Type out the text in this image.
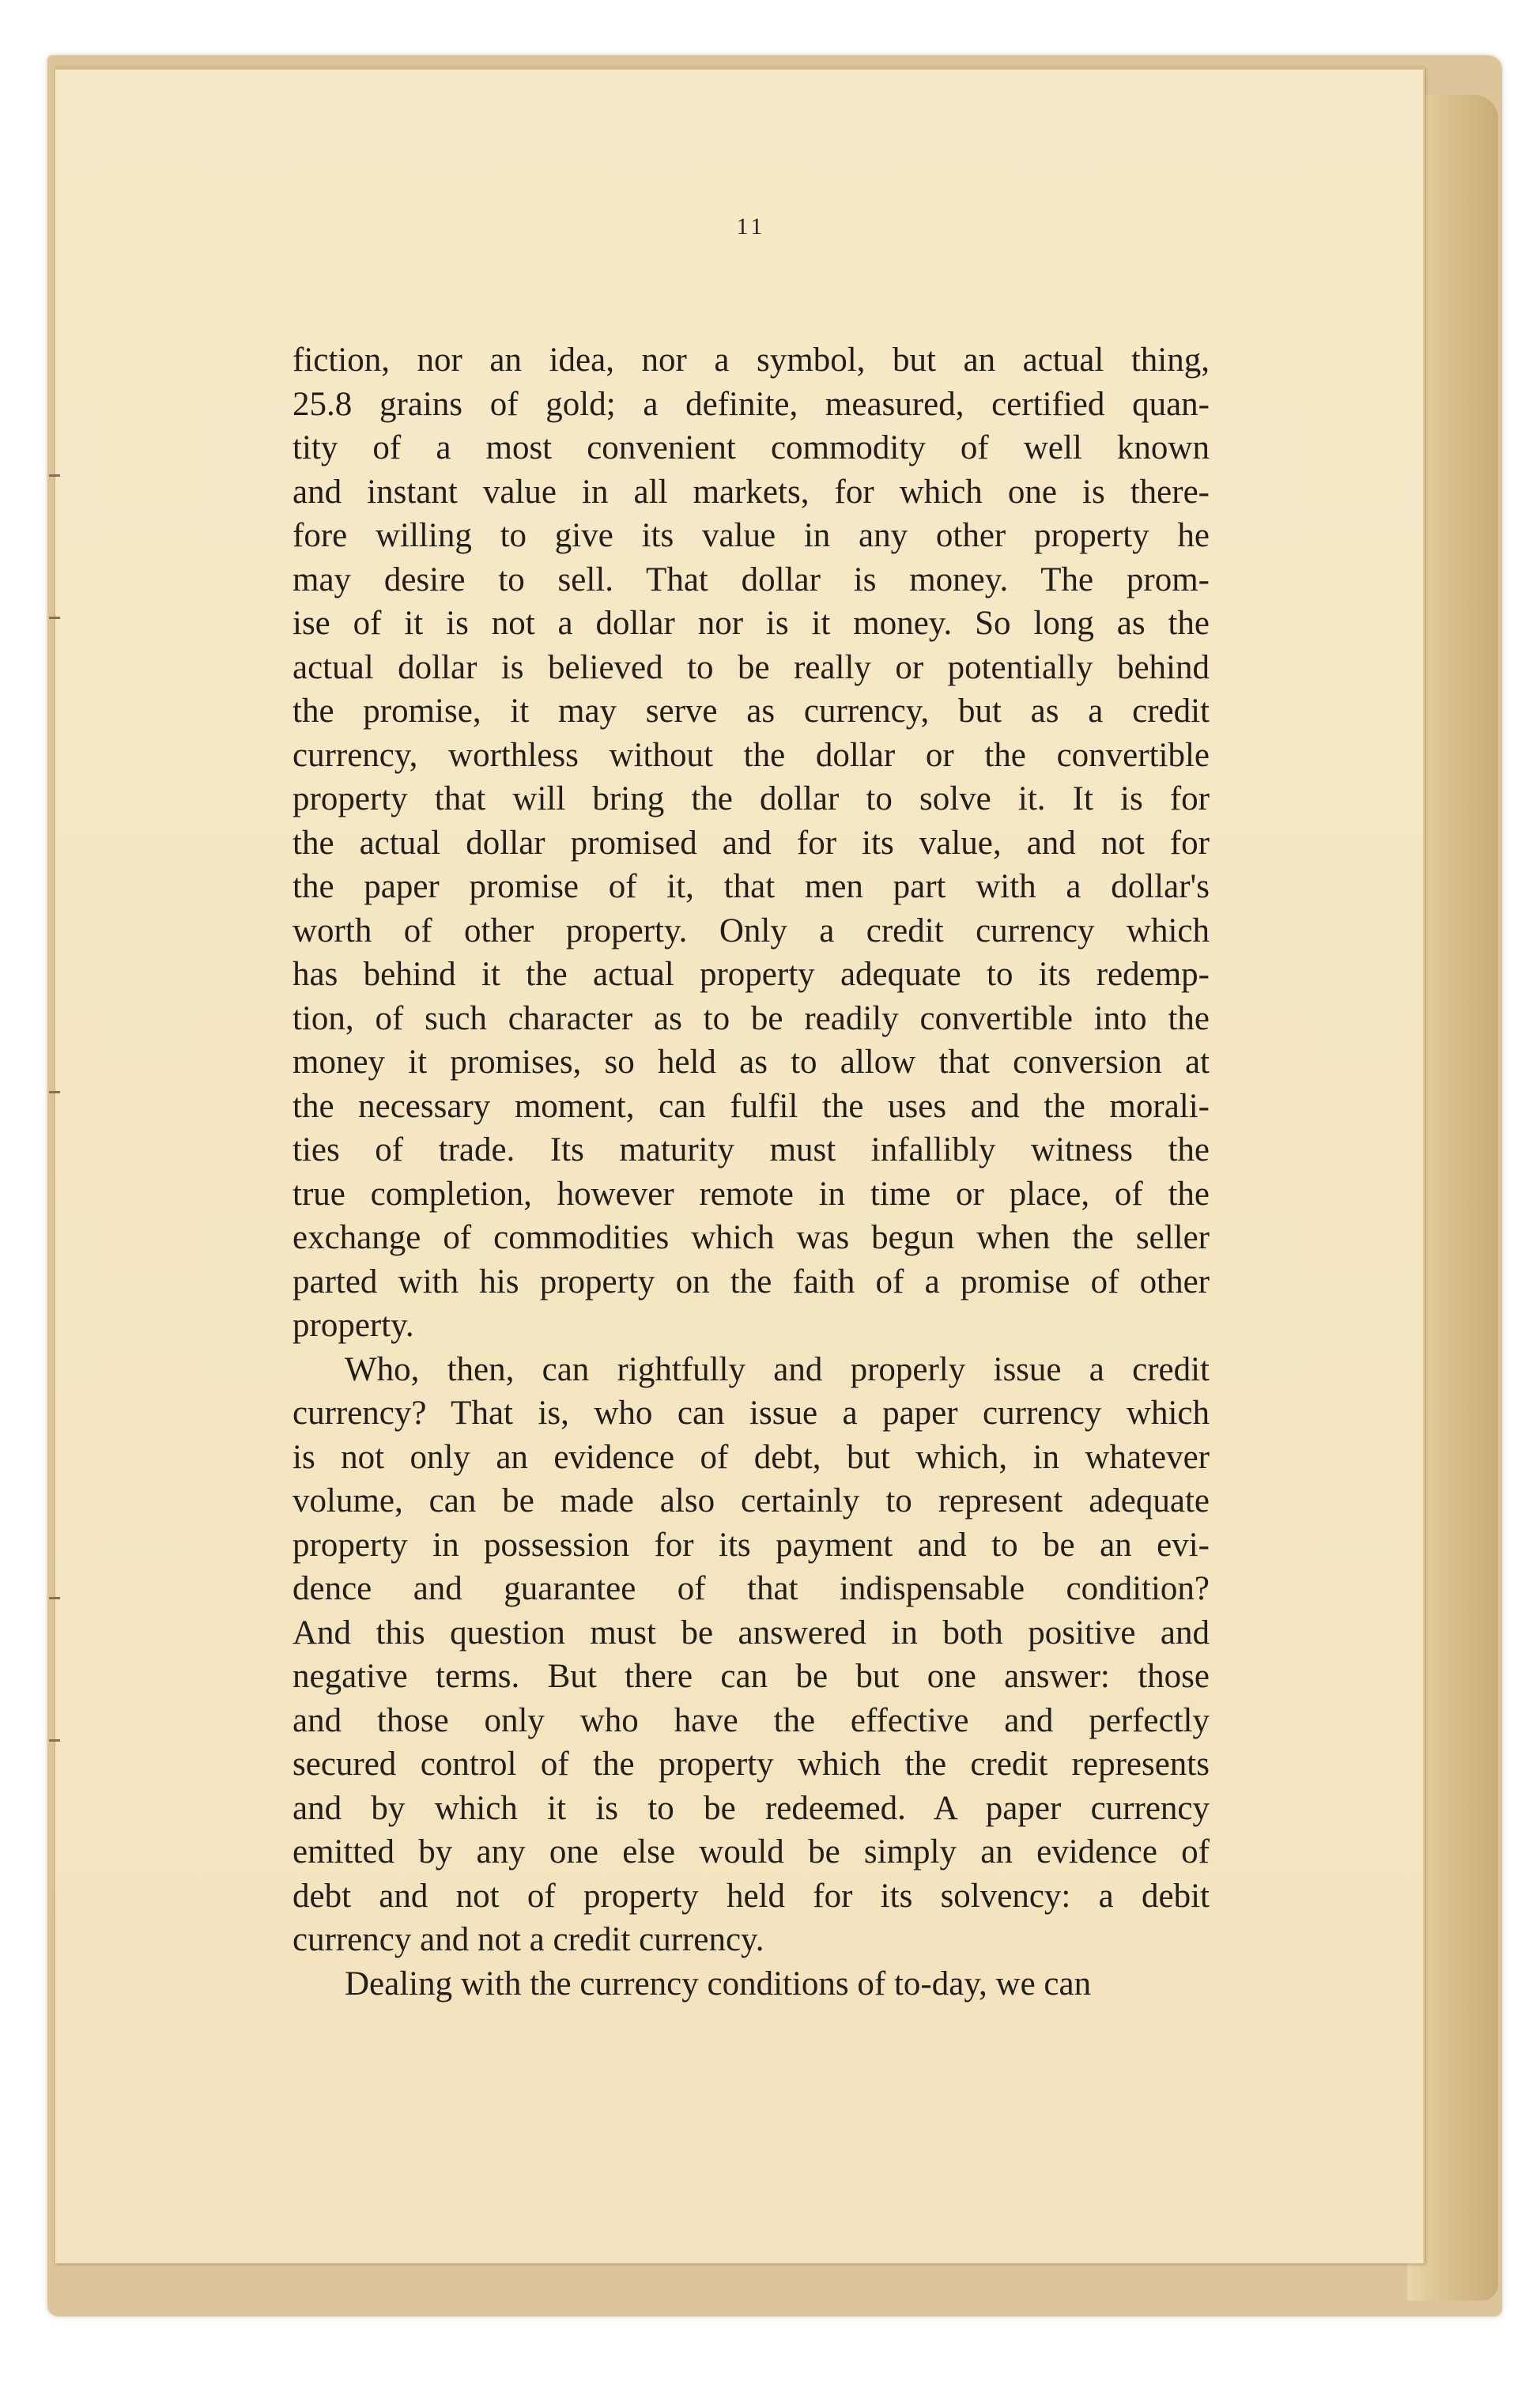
11
fiction, nor an idea, nor a symbol, but an actual thing,
25.8 grains of gold; a definite, measured, certified quan-
tity of a most convenient commodity of well known
and instant value in all markets, for which one is there-
fore willing to give its value in any other property he
may desire to sell. That dollar is money. The prom-
ise of it is not a dollar nor is it money. So long as the
actual dollar is believed to be really or potentially behind
the promise, it may serve as currency, but as a credit
currency, worthless without the dollar or the convertible
property that will bring the dollar to solve it. It is for
the actual dollar promised and for its value, and not for
the paper promise of it, that men part with a dollar's
worth of other property. Only a credit currency which
has behind it the actual property adequate to its redemp-
tion, of such character as to be readily convertible into the
money it promises, so held as to allow that conversion at
the necessary moment, can fulfil the uses and the morali-
ties of trade. Its maturity must infallibly witness the
true completion, however remote in time or place, of the
exchange of commodities which was begun when the seller
parted with his property on the faith of a promise of other
property.
Who, then, can rightfully and properly issue a credit
currency? That is, who can issue a paper currency which
is not only an evidence of debt, but which, in whatever
volume, can be made also certainly to represent adequate
property in possession for its payment and to be an evi-
dence and guarantee of that indispensable condition?
And this question must be answered in both positive and
negative terms. But there can be but one answer: those
and those only who have the effective and perfectly
secured control of the property which the credit represents
and by which it is to be redeemed. A paper currency
emitted by any one else would be simply an evidence of
debt and not of property held for its solvency: a debit
currency and not a credit currency.
Dealing with the currency conditions of to-day, we can
